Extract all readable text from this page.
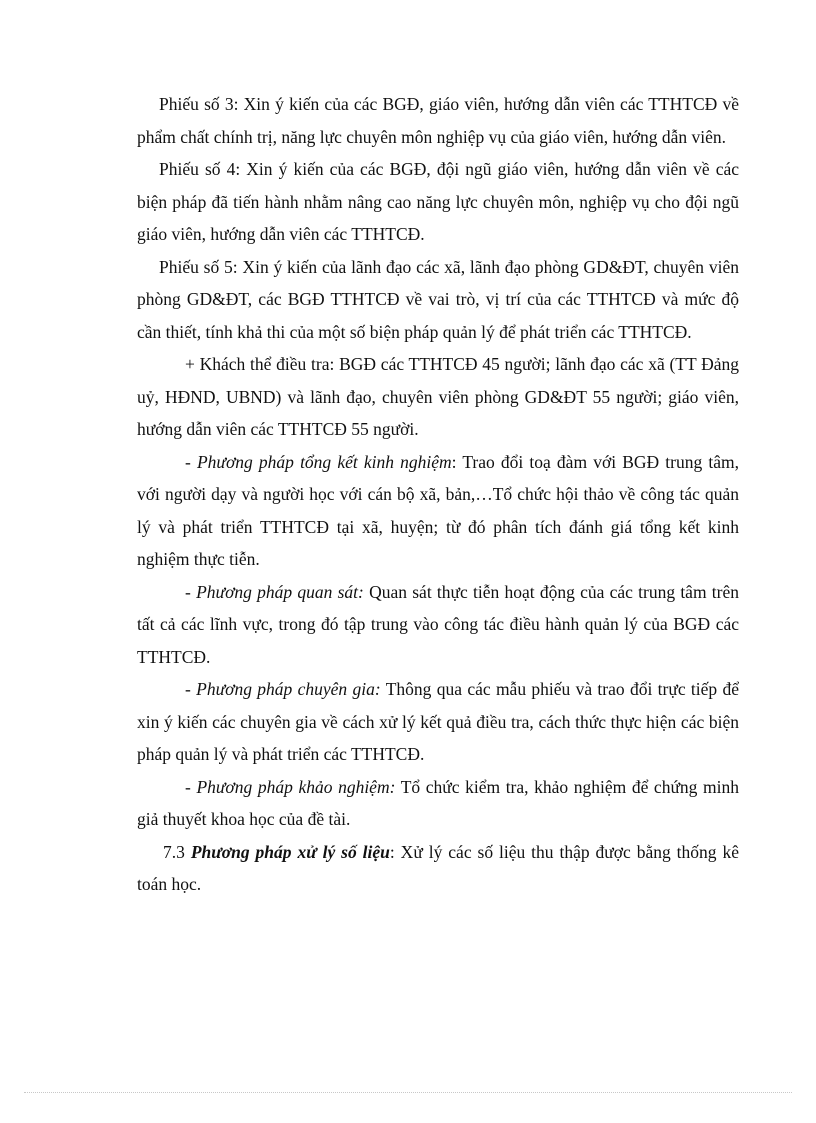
Phiếu số 3: Xin ý kiến của các BGĐ, giáo viên, hướng dẫn viên các TTHTCĐ về phẩm chất chính trị, năng lực chuyên môn nghiệp vụ của giáo viên, hướng dẫn viên.

Phiếu số 4: Xin ý kiến của các BGĐ, đội ngũ giáo viên, hướng dẫn viên về các biện pháp đã tiến hành nhằm nâng cao năng lực chuyên môn, nghiệp vụ cho đội ngũ giáo viên, hướng dẫn viên các TTHTCĐ.

Phiếu số 5: Xin ý kiến của lãnh đạo các xã, lãnh đạo phòng GD&ĐT, chuyên viên phòng GD&ĐT, các BGĐ TTHTCĐ về vai trò, vị trí của các TTHTCĐ và mức độ cần thiết, tính khả thi của một số biện pháp quản lý để phát triển các TTHTCĐ.

+ Khách thể điều tra: BGĐ các TTHTCĐ 45 người; lãnh đạo các xã (TT Đảng uỷ, HĐND, UBND) và lãnh đạo, chuyên viên phòng GD&ĐT 55 người; giáo viên, hướng dẫn viên các TTHTCĐ 55 người.

- Phương pháp tổng kết kinh nghiệm: Trao đổi toạ đàm với BGĐ trung tâm, với người dạy và người học với cán bộ xã, bản,…Tổ chức hội thảo về công tác quản lý và phát triển TTHTCĐ tại xã, huyện; từ đó phân tích đánh giá tổng kết kinh nghiệm thực tiễn.

- Phương pháp quan sát: Quan sát thực tiễn hoạt động của các trung tâm trên tất cả các lĩnh vực, trong đó tập trung vào công tác điều hành quản lý của BGĐ các TTHTCĐ.

- Phương pháp chuyên gia: Thông qua các mẫu phiếu và trao đổi trực tiếp để xin ý kiến các chuyên gia về cách xử lý kết quả điều tra, cách thức thực hiện các biện pháp quản lý và phát triển các TTHTCĐ.

- Phương pháp khảo nghiệm: Tổ chức kiểm tra, khảo nghiệm để chứng minh giả thuyết khoa học của đề tài.

7.3 Phương pháp xử lý số liệu: Xử lý các số liệu thu thập được bằng thống kê toán học.
